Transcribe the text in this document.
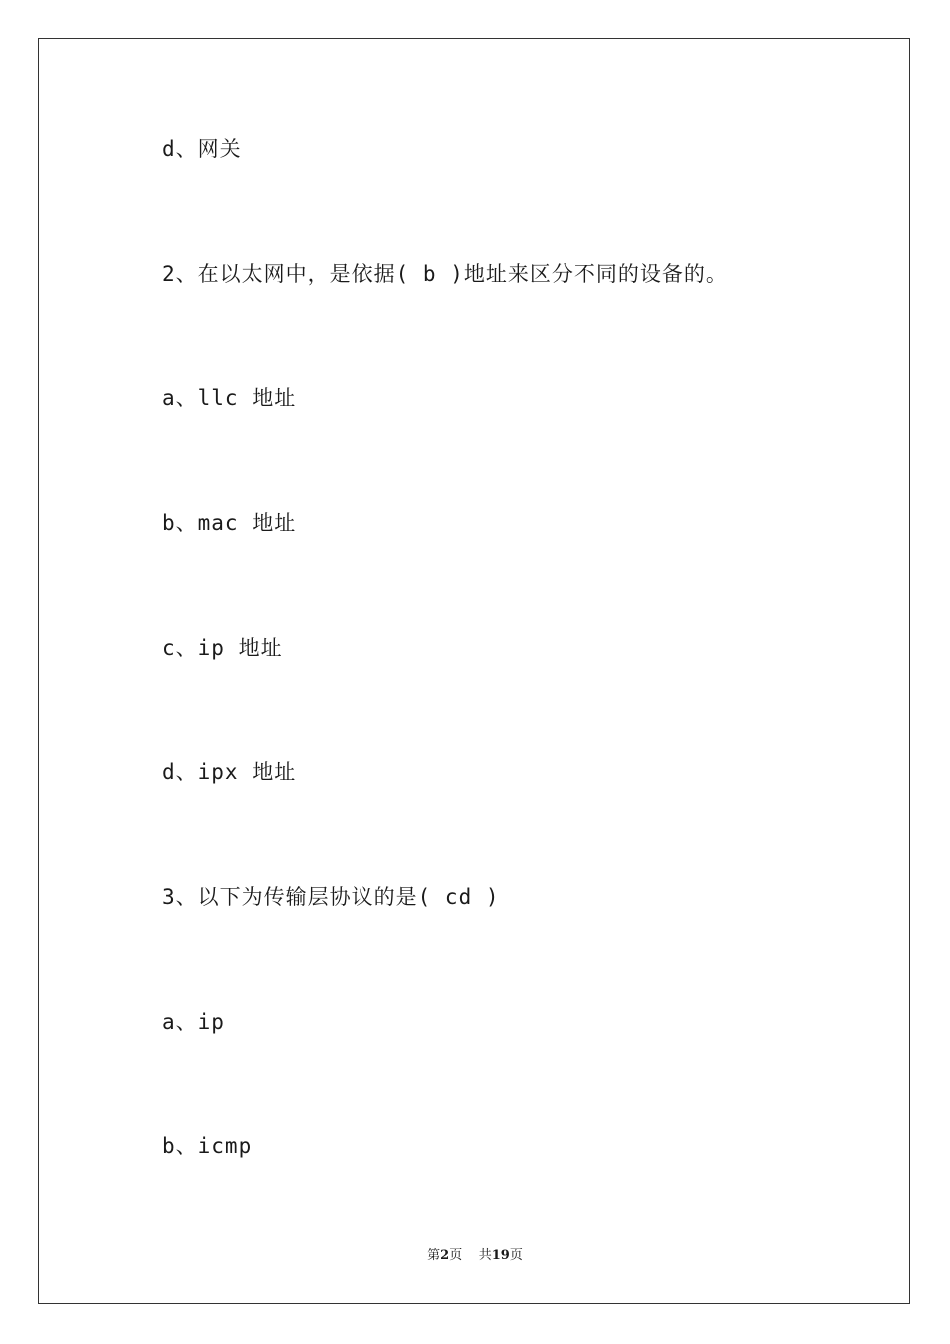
d、网关
2、在以太网中，是依据( b )地址来区分不同的设备的。
a、llc 地址
b、mac 地址
c、ip 地址
d、ipx 地址
3、以下为传输层协议的是( cd )
a、ip
b、icmp
第2页 共19页
